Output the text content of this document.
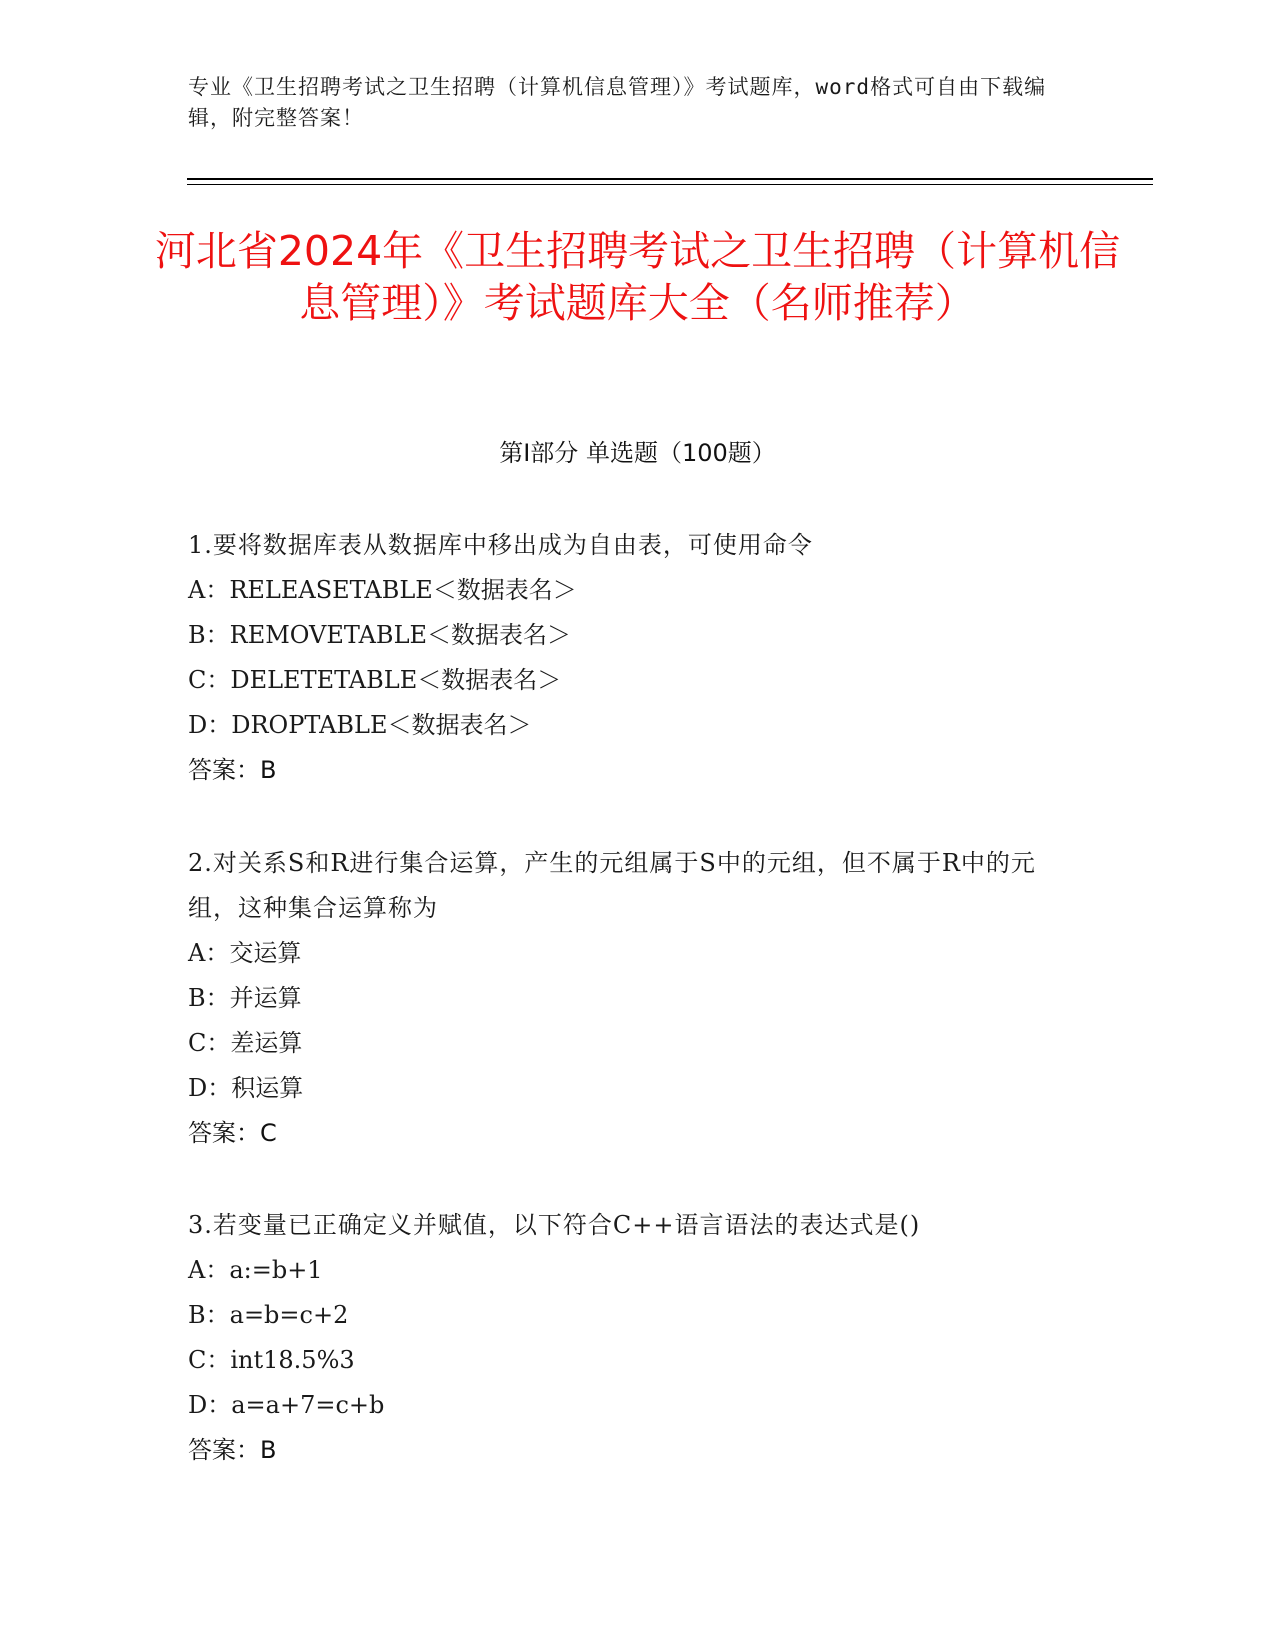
专业《卫生招聘考试之卫生招聘（计算机信息管理）》考试题库，word格式可自由下载编辑，附完整答案！
河北省2024年《卫生招聘考试之卫生招聘（计算机信息管理）》考试题库大全（名师推荐）
第I部分 单选题（100题）
1.要将数据库表从数据库中移出成为自由表，可使用命令
A：RELEASETABLE＜数据表名＞
B：REMOVETABLE＜数据表名＞
C：DELETETABLE＜数据表名＞
D：DROPTABLE＜数据表名＞
答案：B
2.对关系S和R进行集合运算，产生的元组属于S中的元组，但不属于R中的元组，这种集合运算称为
A：交运算
B：并运算
C：差运算
D：积运算
答案：C
3.若变量已正确定义并赋值，以下符合C++语言语法的表达式是()
A：a:=b+1
B：a=b=c+2
C：int18.5%3
D：a=a+7=c+b
答案：B
